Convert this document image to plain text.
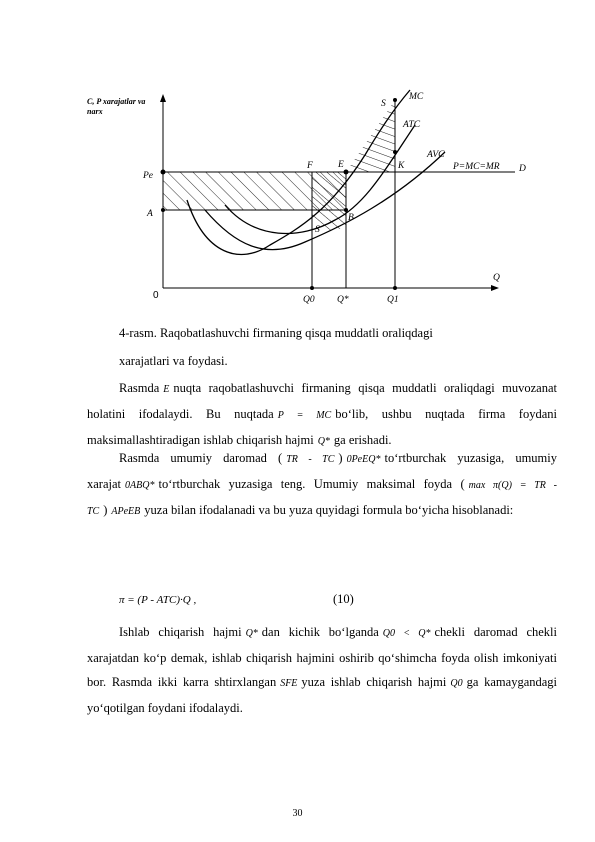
S
MC
ATC
AVC
F	E	K	P=MC=MR D
Pe
A	B
S
Q
0	Q0 Q*	Q1
C, P xarajatlar va
narx
4-rasm. Raqobatlashuvchi firmaning qisqa muddatli oraliqdagi
xarajatlari va foydasi.
Rasmda E nuqta raqobatlashuvchi firmaning qisqa muddatli oraliqdagi muvozanat holatini ifodalaydi. Bu nuqtada P = MC bo‘lib, ushbu nuqtada firma foydani maksimallashtiradigan ishlab chiqarish hajmi Q* ga erishadi.
Rasmda umumiy daromad ( TR - TC ) 0PeEQ* to‘rtburchak yuzasiga, umumiy xarajat 0ABQ* to‘rtburchak yuzasiga teng. Umumiy maksimal foyda ( max π(Q) = TR - TC ) APeEB yuza bilan ifodalanadi va bu yuza quyidagi formula bo‘yicha hisoblanadi:
π = (P - ATC)·Q ,	(10)
Ishlab chiqarish hajmi Q* dan kichik bo‘lganda Q0 < Q* chekli daromad chekli xarajatdan ko‘p demak, ishlab chiqarish hajmini oshirib qo‘shimcha foyda olish imkoniyati bor. Rasmda ikki karra shtirxlangan SFE yuza ishlab chiqarish hajmi Q0 ga kamaygandagi yo‘qotilgan foydani ifodalaydi.
30
